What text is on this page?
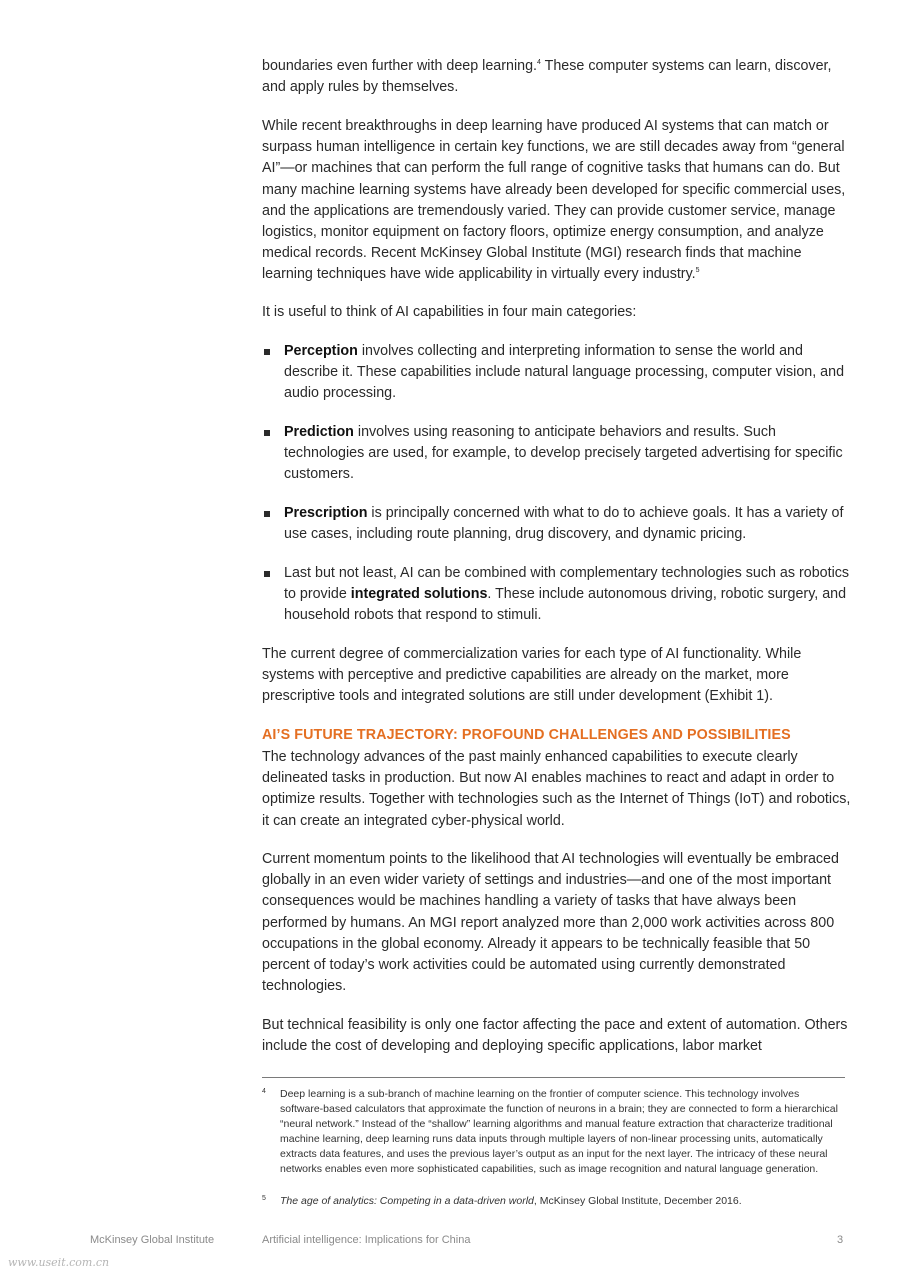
boundaries even further with deep learning.$^4$ These computer systems can learn, discover, and apply rules by themselves.

While recent breakthroughs in deep learning have produced AI systems that can match or surpass human intelligence in certain key functions, we are still decades away from “general AI”—or machines that can perform the full range of cognitive tasks that humans can do. But many machine learning systems have already been developed for specific commercial uses, and the applications are tremendously varied. They can provide customer service, manage logistics, monitor equipment on factory floors, optimize energy consumption, and analyze medical records. Recent McKinsey Global Institute (MGI) research finds that machine learning techniques have wide applicability in virtually every industry.$^5$

It is useful to think of AI capabilities in four main categories:

Perception involves collecting and interpreting information to sense the world and describe it. These capabilities include natural language processing, computer vision, and audio processing.
Prediction involves using reasoning to anticipate behaviors and results. Such technologies are used, for example, to develop precisely targeted advertising for specific customers.
Prescription is principally concerned with what to do to achieve goals. It has a variety of use cases, including route planning, drug discovery, and dynamic pricing.
Last but not least, AI can be combined with complementary technologies such as robotics to provide integrated solutions. These include autonomous driving, robotic surgery, and household robots that respond to stimuli.

The current degree of commercialization varies for each type of AI functionality. While systems with perceptive and predictive capabilities are already on the market, more prescriptive tools and integrated solutions are still under development (Exhibit 1).

AI’S FUTURE TRAJECTORY: PROFOUND CHALLENGES AND POSSIBILITIES

The technology advances of the past mainly enhanced capabilities to execute clearly delineated tasks in production. But now AI enables machines to react and adapt in order to optimize results. Together with technologies such as the Internet of Things (IoT) and robotics, it can create an integrated cyber-physical world.

Current momentum points to the likelihood that AI technologies will eventually be embraced globally in an even wider variety of settings and industries—and one of the most important consequences would be machines handling a variety of tasks that have always been performed by humans. An MGI report analyzed more than 2,000 work activities across 800 occupations in the global economy. Already it appears to be technically feasible that 50 percent of today’s work activities could be automated using currently demonstrated technologies.

But technical feasibility is only one factor affecting the pace and extent of automation. Others include the cost of developing and deploying specific applications, labor market

4 Deep learning is a sub-branch of machine learning on the frontier of computer science. This technology involves software-based calculators that approximate the function of neurons in a brain; they are connected to form a hierarchical “neural network.” Instead of the “shallow” learning algorithms and manual feature extraction that characterize traditional machine learning, deep learning runs data inputs through multiple layers of non-linear processing units, automatically extracts data features, and uses the previous layer’s output as an input for the next layer. The intricacy of these neural networks enables even more sophisticated capabilities, such as image recognition and natural language generation.
5 The age of analytics: Competing in a data-driven world, McKinsey Global Institute, December 2016.
McKinsey Global Institute	Artificial intelligence: Implications for China	3
www.useit.com.cn
